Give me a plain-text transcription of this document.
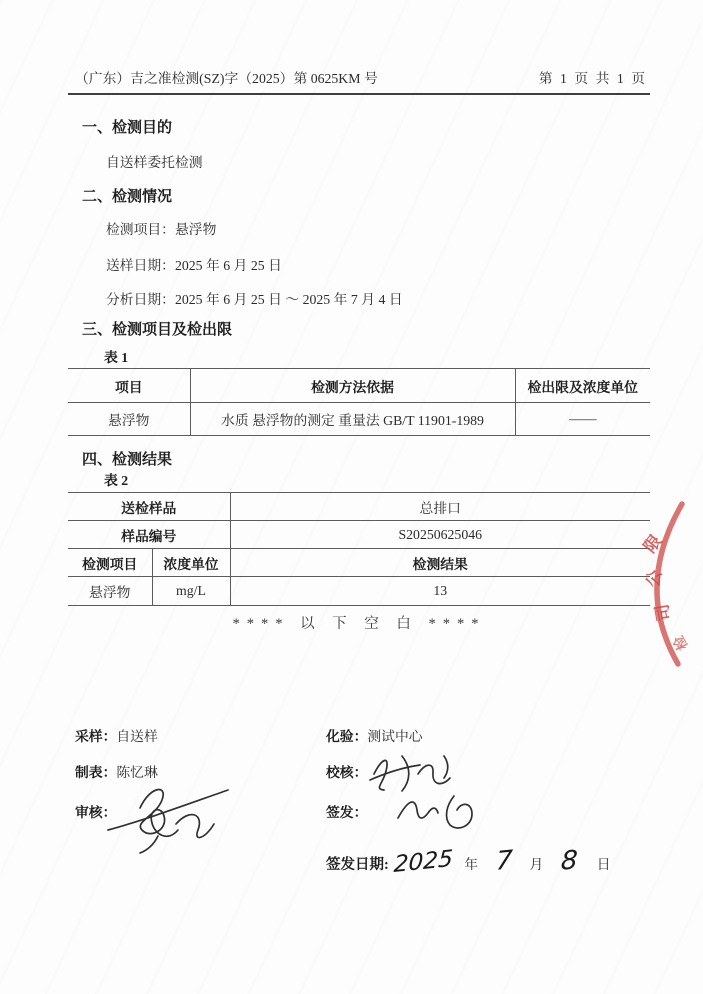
（广东）吉之准检测(SZ)字（2025）第 0625KM 号	第 1 页 共 1 页
一、检测目的
自送样委托检测
二、检测情况
检测项目：悬浮物
送样日期：2025 年 6 月 25 日
分析日期：2025 年 6 月 25 日 ～ 2025 年 7 月 4 日
三、检测项目及检出限
表 1
项目	检测方法依据	检出限及浓度单位
悬浮物	水质 悬浮物的测定 重量法 GB/T 11901-1989	——
四、检测结果
表 2
送检样品		总排口
样品编号		S20250625046
检测项目	浓度单位	检测结果
悬浮物	mg/L	13
**** 以 下 空 白 ****
采样：自送样
制表：陈忆琳
审核：
化验：测试中心
校核：
签发：
签发日期: 2025 年 7 月 8 日
限
公
司
检
